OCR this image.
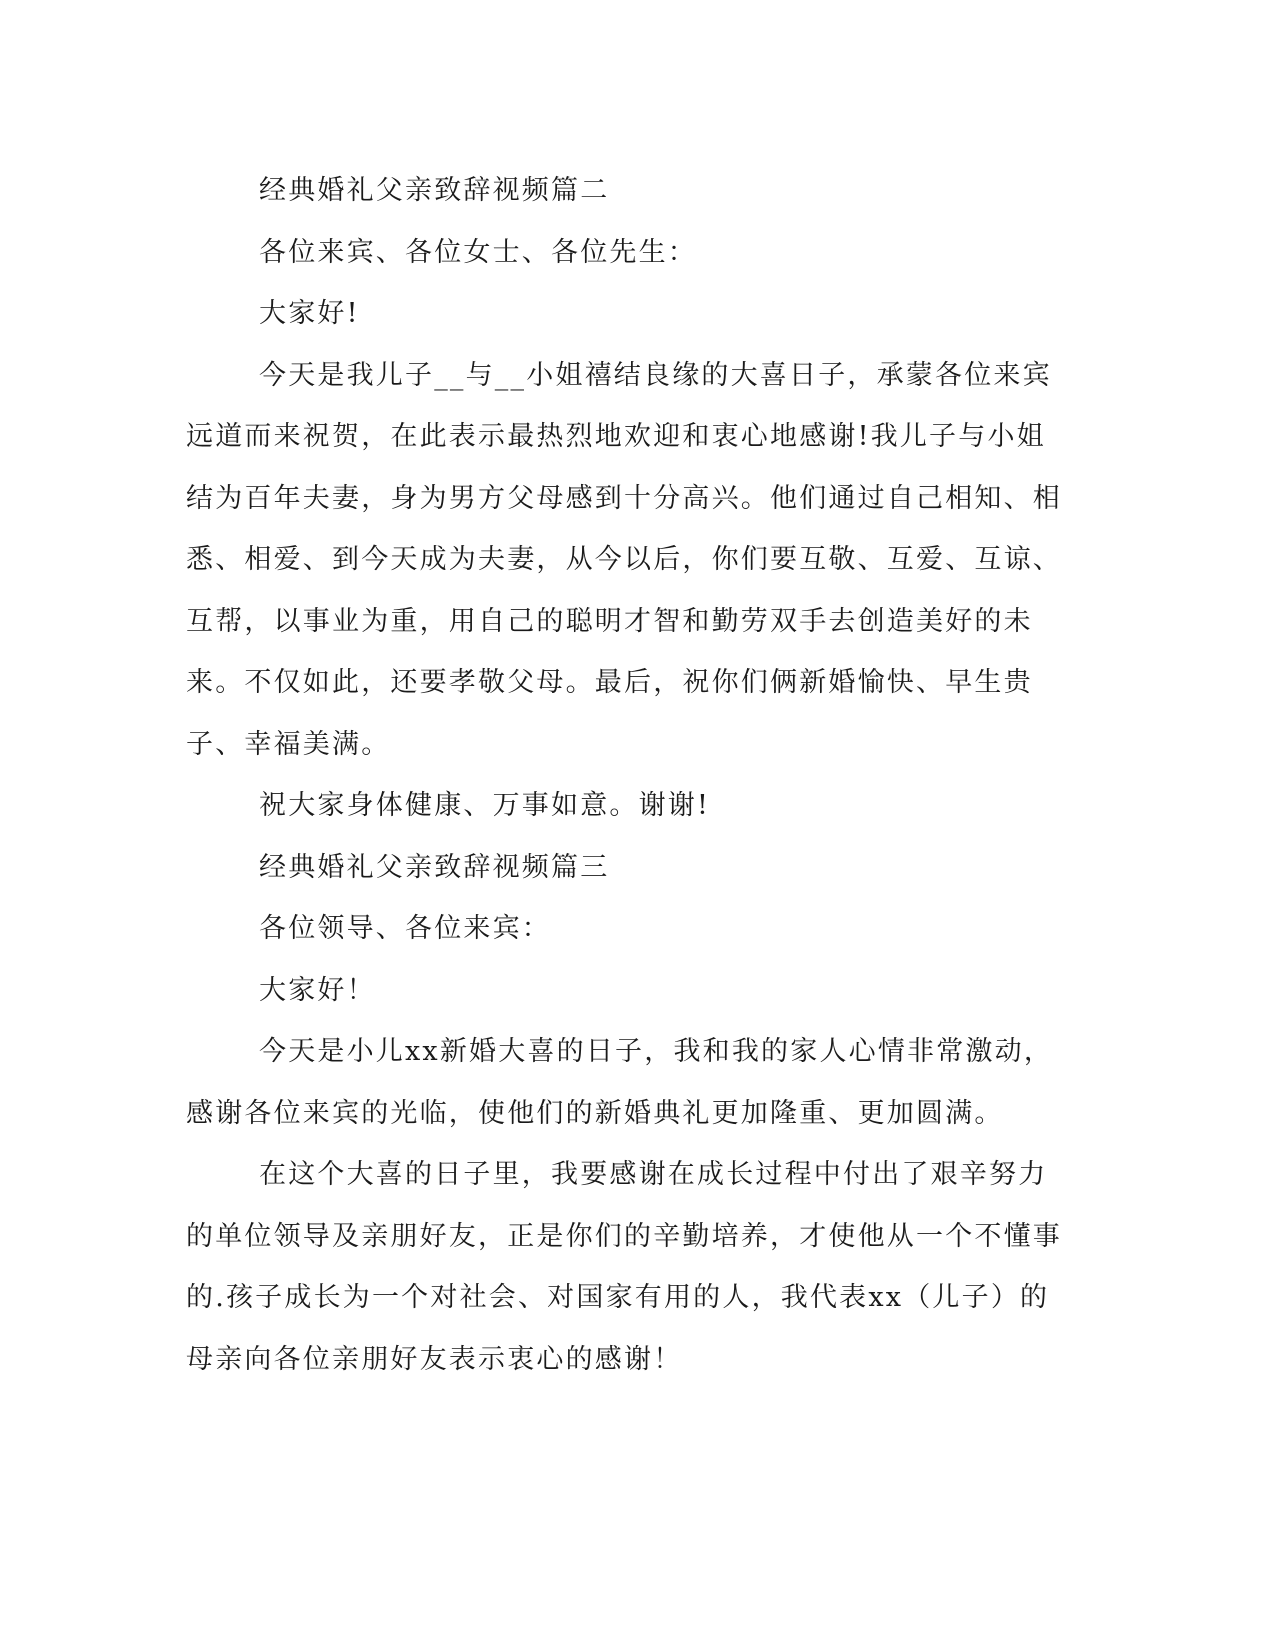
经典婚礼父亲致辞视频篇二

各位来宾、各位女士、各位先生：

大家好!

今天是我儿子__与__小姐禧结良缘的大喜日子，承蒙各位来宾远道而来祝贺，在此表示最热烈地欢迎和衷心地感谢!我儿子与小姐结为百年夫妻，身为男方父母感到十分高兴。他们通过自己相知、相悉、相爱、到今天成为夫妻，从今以后，你们要互敬、互爱、互谅、互帮，以事业为重，用自己的聪明才智和勤劳双手去创造美好的未来。不仅如此，还要孝敬父母。最后，祝你们俩新婚愉快、早生贵子、幸福美满。

祝大家身体健康、万事如意。谢谢!

经典婚礼父亲致辞视频篇三

各位领导、各位来宾：

大家好！

今天是小儿xx新婚大喜的日子，我和我的家人心情非常激动，感谢各位来宾的光临，使他们的新婚典礼更加隆重、更加圆满。

在这个大喜的日子里，我要感谢在成长过程中付出了艰辛努力的单位领导及亲朋好友，正是你们的辛勤培养，才使他从一个不懂事的.孩子成长为一个对社会、对国家有用的人，我代表xx（儿子）的母亲向各位亲朋好友表示衷心的感谢！
